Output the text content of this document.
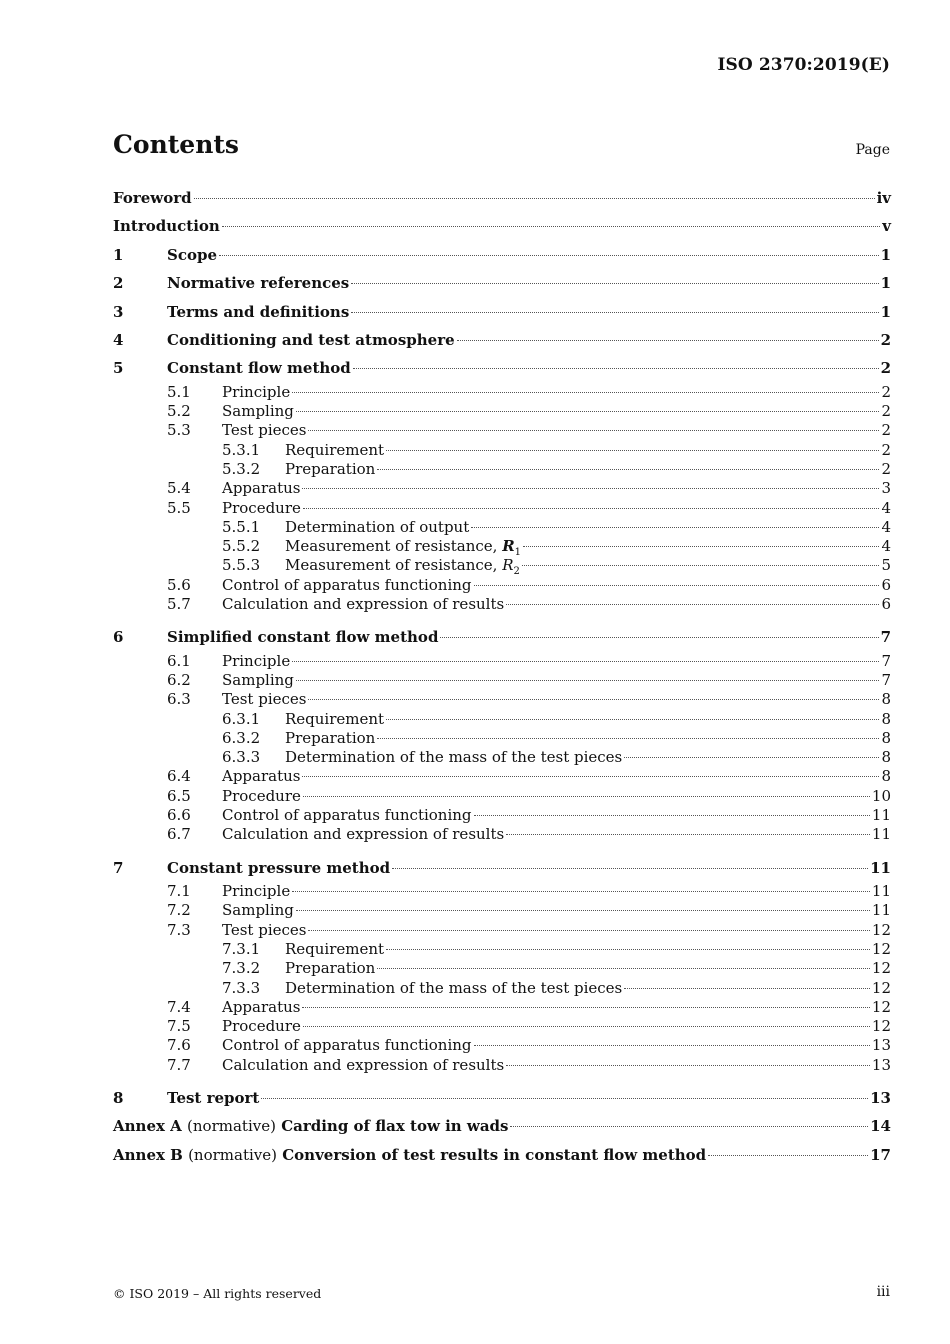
ISO 2370:2019(E)
Contents	Page
Foreword	iv
Introduction	v
1	Scope	1
2	Normative references	1
3	Terms and definitions	1
4	Conditioning and test atmosphere	2
5	Constant flow method	2
5.1	Principle	2
5.2	Sampling	2
5.3	Test pieces	2
5.3.1	Requirement	2
5.3.2	Preparation	2
5.4	Apparatus	3
5.5	Procedure	4
5.5.1	Determination of output	4
5.5.2	Measurement of resistance, $R_1$	4
5.5.3	Measurement of resistance, $R_2$	5
5.6	Control of apparatus functioning	6
5.7	Calculation and expression of results	6
6	Simplified constant flow method	7
6.1	Principle	7
6.2	Sampling	7
6.3	Test pieces	8
6.3.1	Requirement	8
6.3.2	Preparation	8
6.3.3	Determination of the mass of the test pieces	8
6.4	Apparatus	8
6.5	Procedure	10
6.6	Control of apparatus functioning	11
6.7	Calculation and expression of results	11
7	Constant pressure method	11
7.1	Principle	11
7.2	Sampling	11
7.3	Test pieces	12
7.3.1	Requirement	12
7.3.2	Preparation	12
7.3.3	Determination of the mass of the test pieces	12
7.4	Apparatus	12
7.5	Procedure	12
7.6	Control of apparatus functioning	13
7.7	Calculation and expression of results	13
8	Test report	13
Annex A (normative) Carding of flax tow in wads	14
Annex B (normative) Conversion of test results in constant flow method	17
© ISO 2019 – All rights reserved	iii
